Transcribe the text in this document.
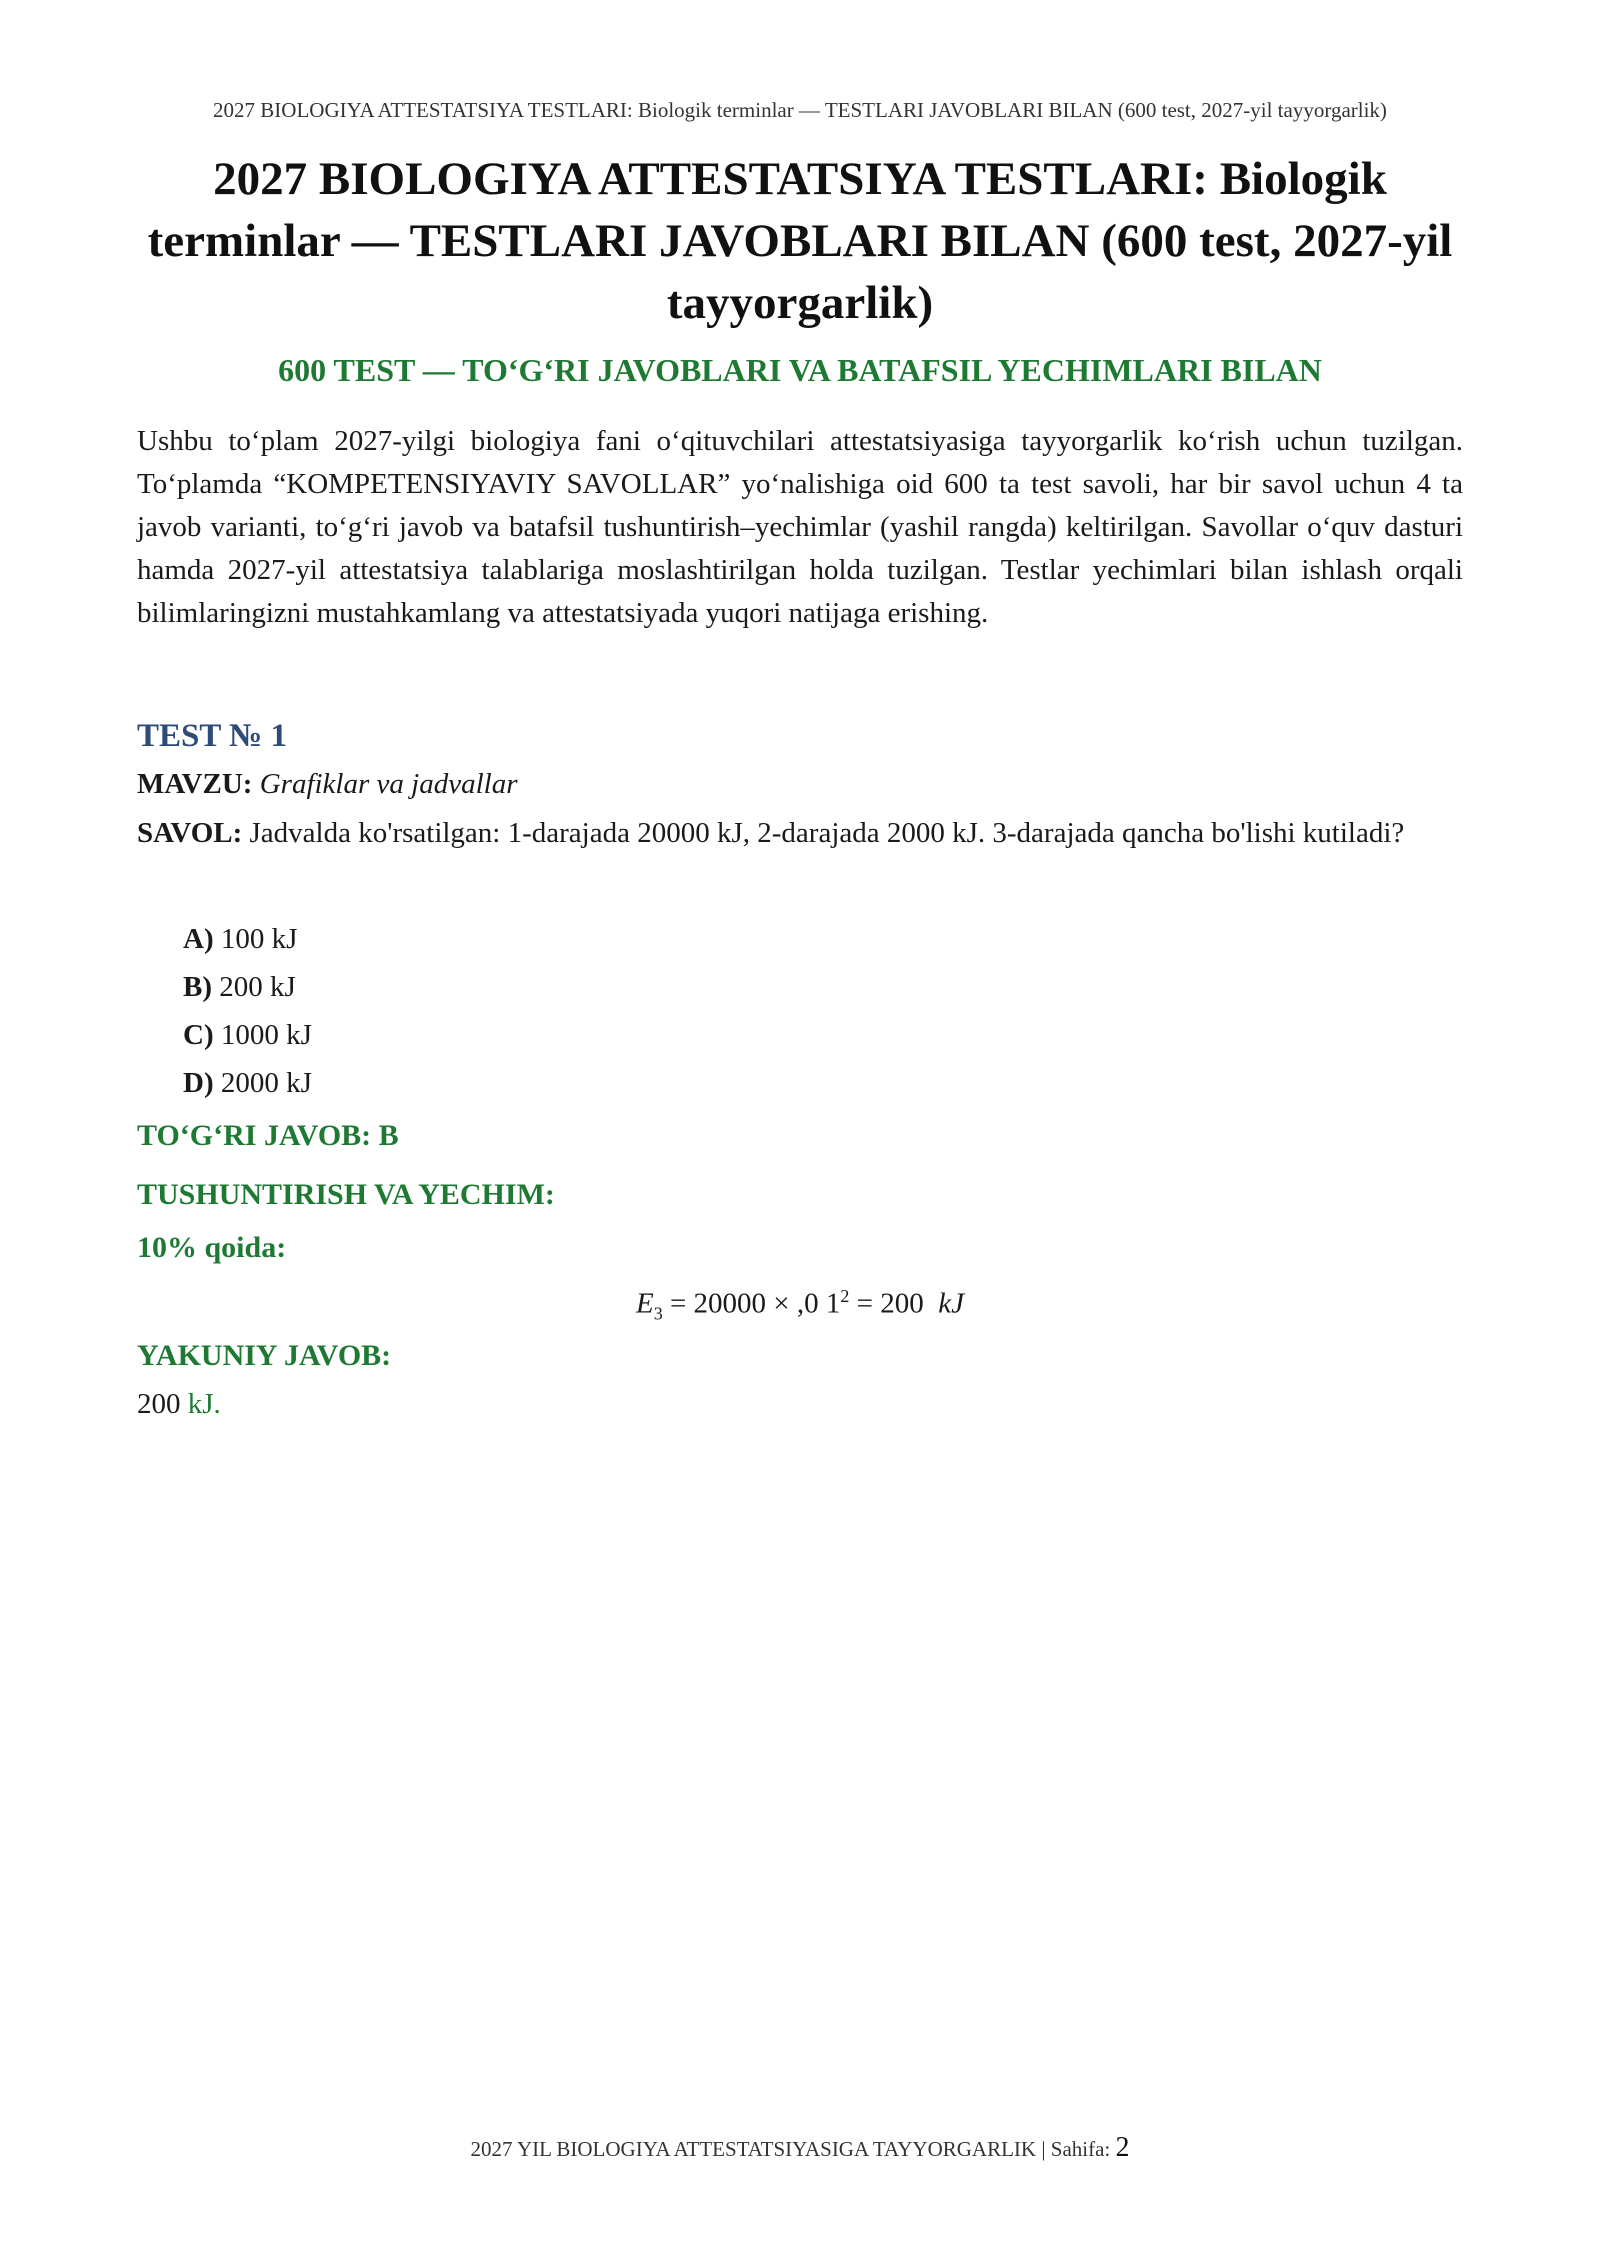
2027 BIOLOGIYA ATTESTATSIYA TESTLARI: Biologik terminlar — TESTLARI JAVOBLARI BILAN (600 test, 2027-yil tayyorgarlik)
2027 BIOLOGIYA ATTESTATSIYA TESTLARI: Biologik terminlar — TESTLARI JAVOBLARI BILAN (600 test, 2027-yil tayyorgarlik)
600 TEST — TO‘G‘RI JAVOBLARI VA BATAFSIL YECHIMLARI BILAN

Ushbu to‘plam 2027-yilgi biologiya fani o‘qituvchilari attestatsiyasiga tayyorgarlik ko‘rish uchun tuzilgan. To‘plamda “KOMPETENSIYAVIY SAVOLLAR” yo‘nalishiga oid 600 ta test savoli, har bir savol uchun 4 ta javob varianti, to‘g‘ri javob va batafsil tushuntirish–yechimlar (yashil rangda) keltirilgan. Savollar o‘quv dasturi hamda 2027-yil attestatsiya talablariga moslashtirilgan holda tuzilgan. Testlar yechimlari bilan ishlash orqali bilimlaringizni mustahkamlang va attestatsiyada yuqori natijaga erishing.

TEST № 1
MAVZU: Grafiklar va jadvallar
SAVOL: Jadvalda ko'rsatilgan: 1-darajada 20000 kJ, 2-darajada 2000 kJ. 3-darajada qancha bo'lishi kutiladi?
A) 100 kJ
B) 200 kJ
C) 1000 kJ
D) 2000 kJ
TO‘G‘RI JAVOB: B
TUSHUNTIRISH VA YECHIM:
10% qoida:
$E_3 = 20000 \times ,0$ $1^2 = 200$ kJ
YAKUNIY JAVOB:
200 kJ.
2027 YIL BIOLOGIYA ATTESTATSIYASIGA TAYYORGARLIK | Sahifa: 2
